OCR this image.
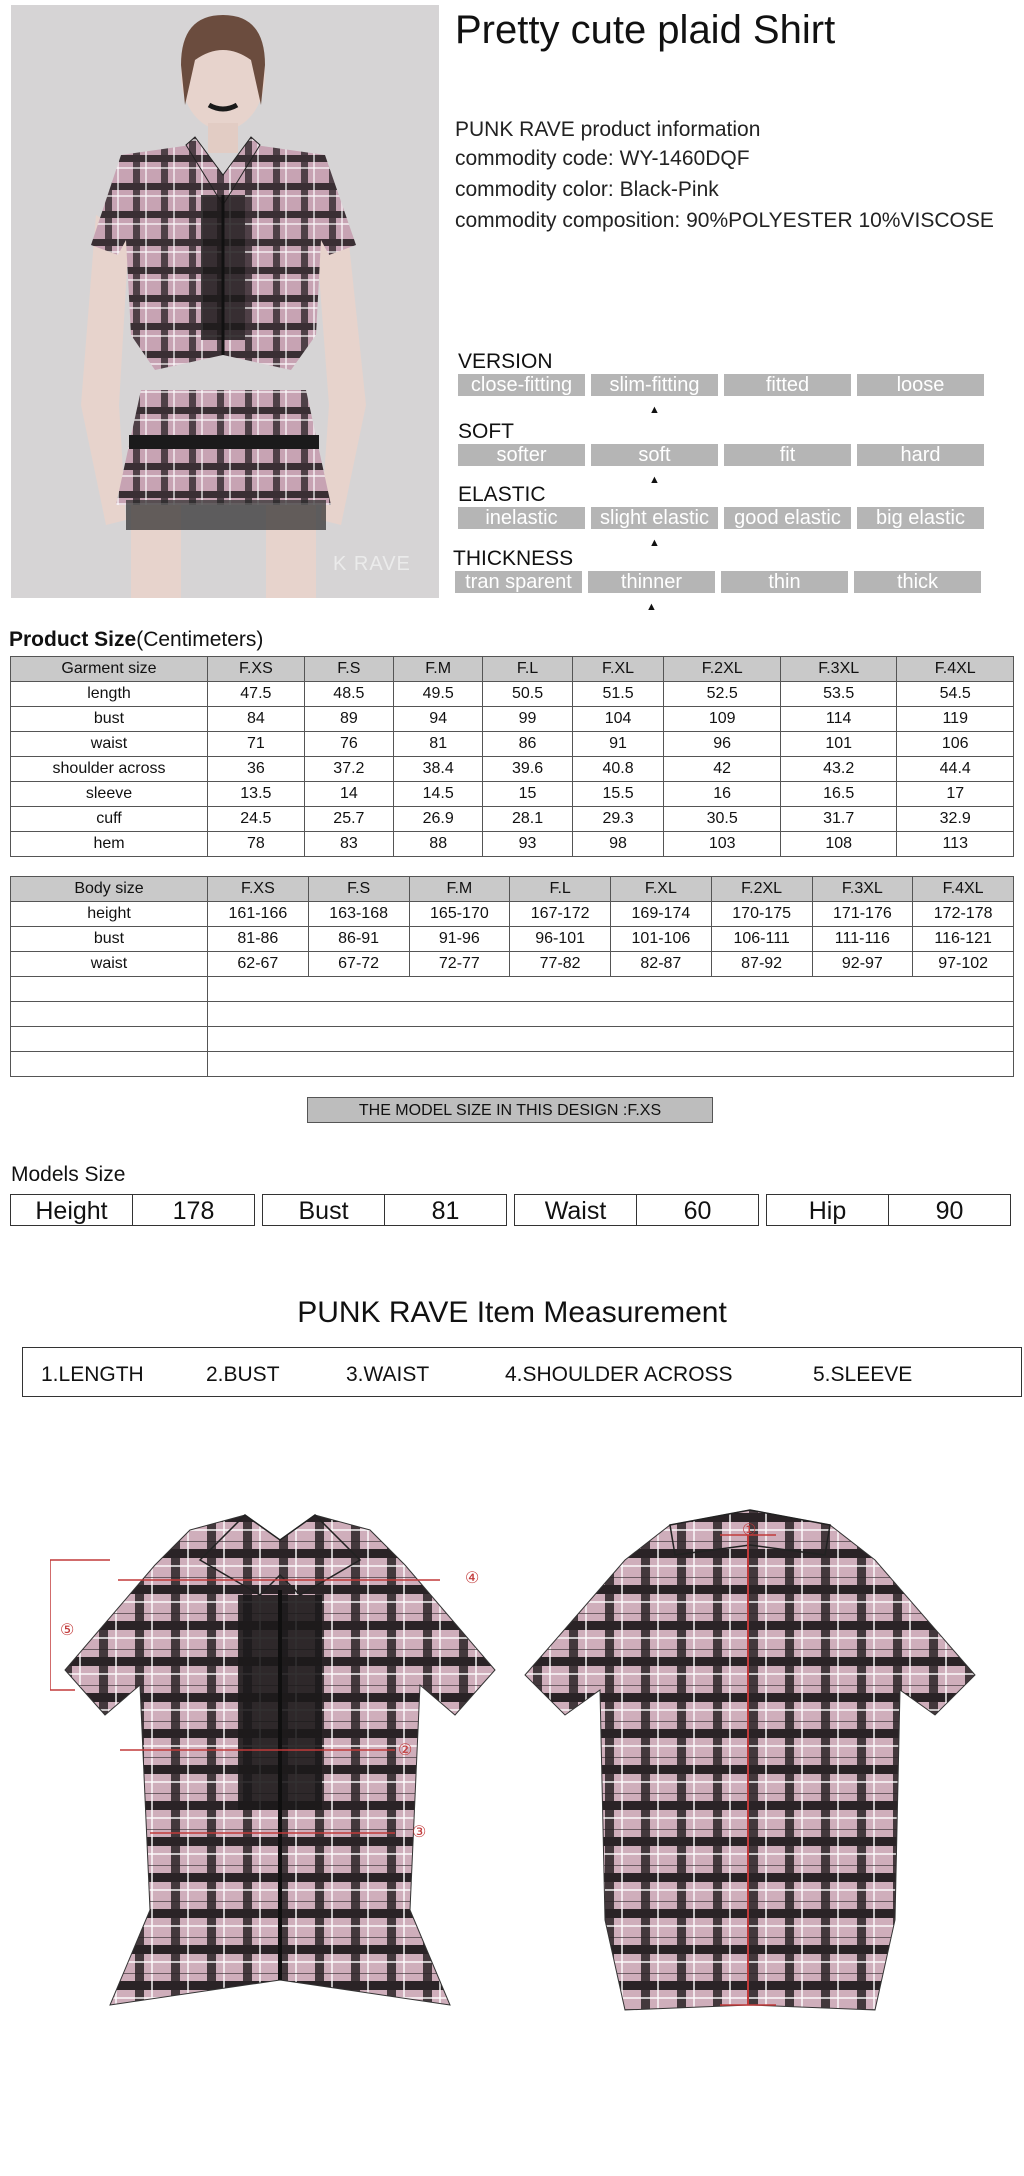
K RAVE
Pretty cute plaid Shirt
PUNK RAVE product information
commodity code: WY-1460DQF
commodity color: Black-Pink
commodity composition: 90%POLYESTER 10%VISCOSE
VERSION
close-fitting	slim-fitting ▲	fitted	loose
SOFT
softer	soft ▲	fit	hard
ELASTIC
inelastic	slight elastic ▲	good elastic	big elastic
THICKNESS
tran sparent	thinner ▲	thin	thick
Product Size(Centimeters)
Garment size	F.XS	F.S	F.M	F.L	F.XL	F.2XL	F.3XL	F.4XL
length	47.5	48.5	49.5	50.5	51.5	52.5	53.5	54.5
bust	84	89	94	99	104	109	114	119
waist	71	76	81	86	91	96	101	106
shoulder across	36	37.2	38.4	39.6	40.8	42	43.2	44.4
sleeve	13.5	14	14.5	15	15.5	16	16.5	17
cuff	24.5	25.7	26.9	28.1	29.3	30.5	31.7	32.9
hem	78	83	88	93	98	103	108	113
Body size	F.XS	F.S	F.M	F.L	F.XL	F.2XL	F.3XL	F.4XL
height	161-166	163-168	165-170	167-172	169-174	170-175	171-176	172-178
bust	81-86	86-91	91-96	96-101	101-106	106-111	111-116	116-121
waist	62-67	67-72	72-77	77-82	82-87	87-92	92-97	97-102

THE MODEL SIZE IN THIS DESIGN :F.XS
Models Size
Height	178	Bust	81	Waist	60	Hip	90
PUNK RAVE Item Measurement
1.LENGTH	2.BUST	3.WAIST	4.SHOULDER ACROSS	5.SLEEVE
④
⑤
②
③
①
